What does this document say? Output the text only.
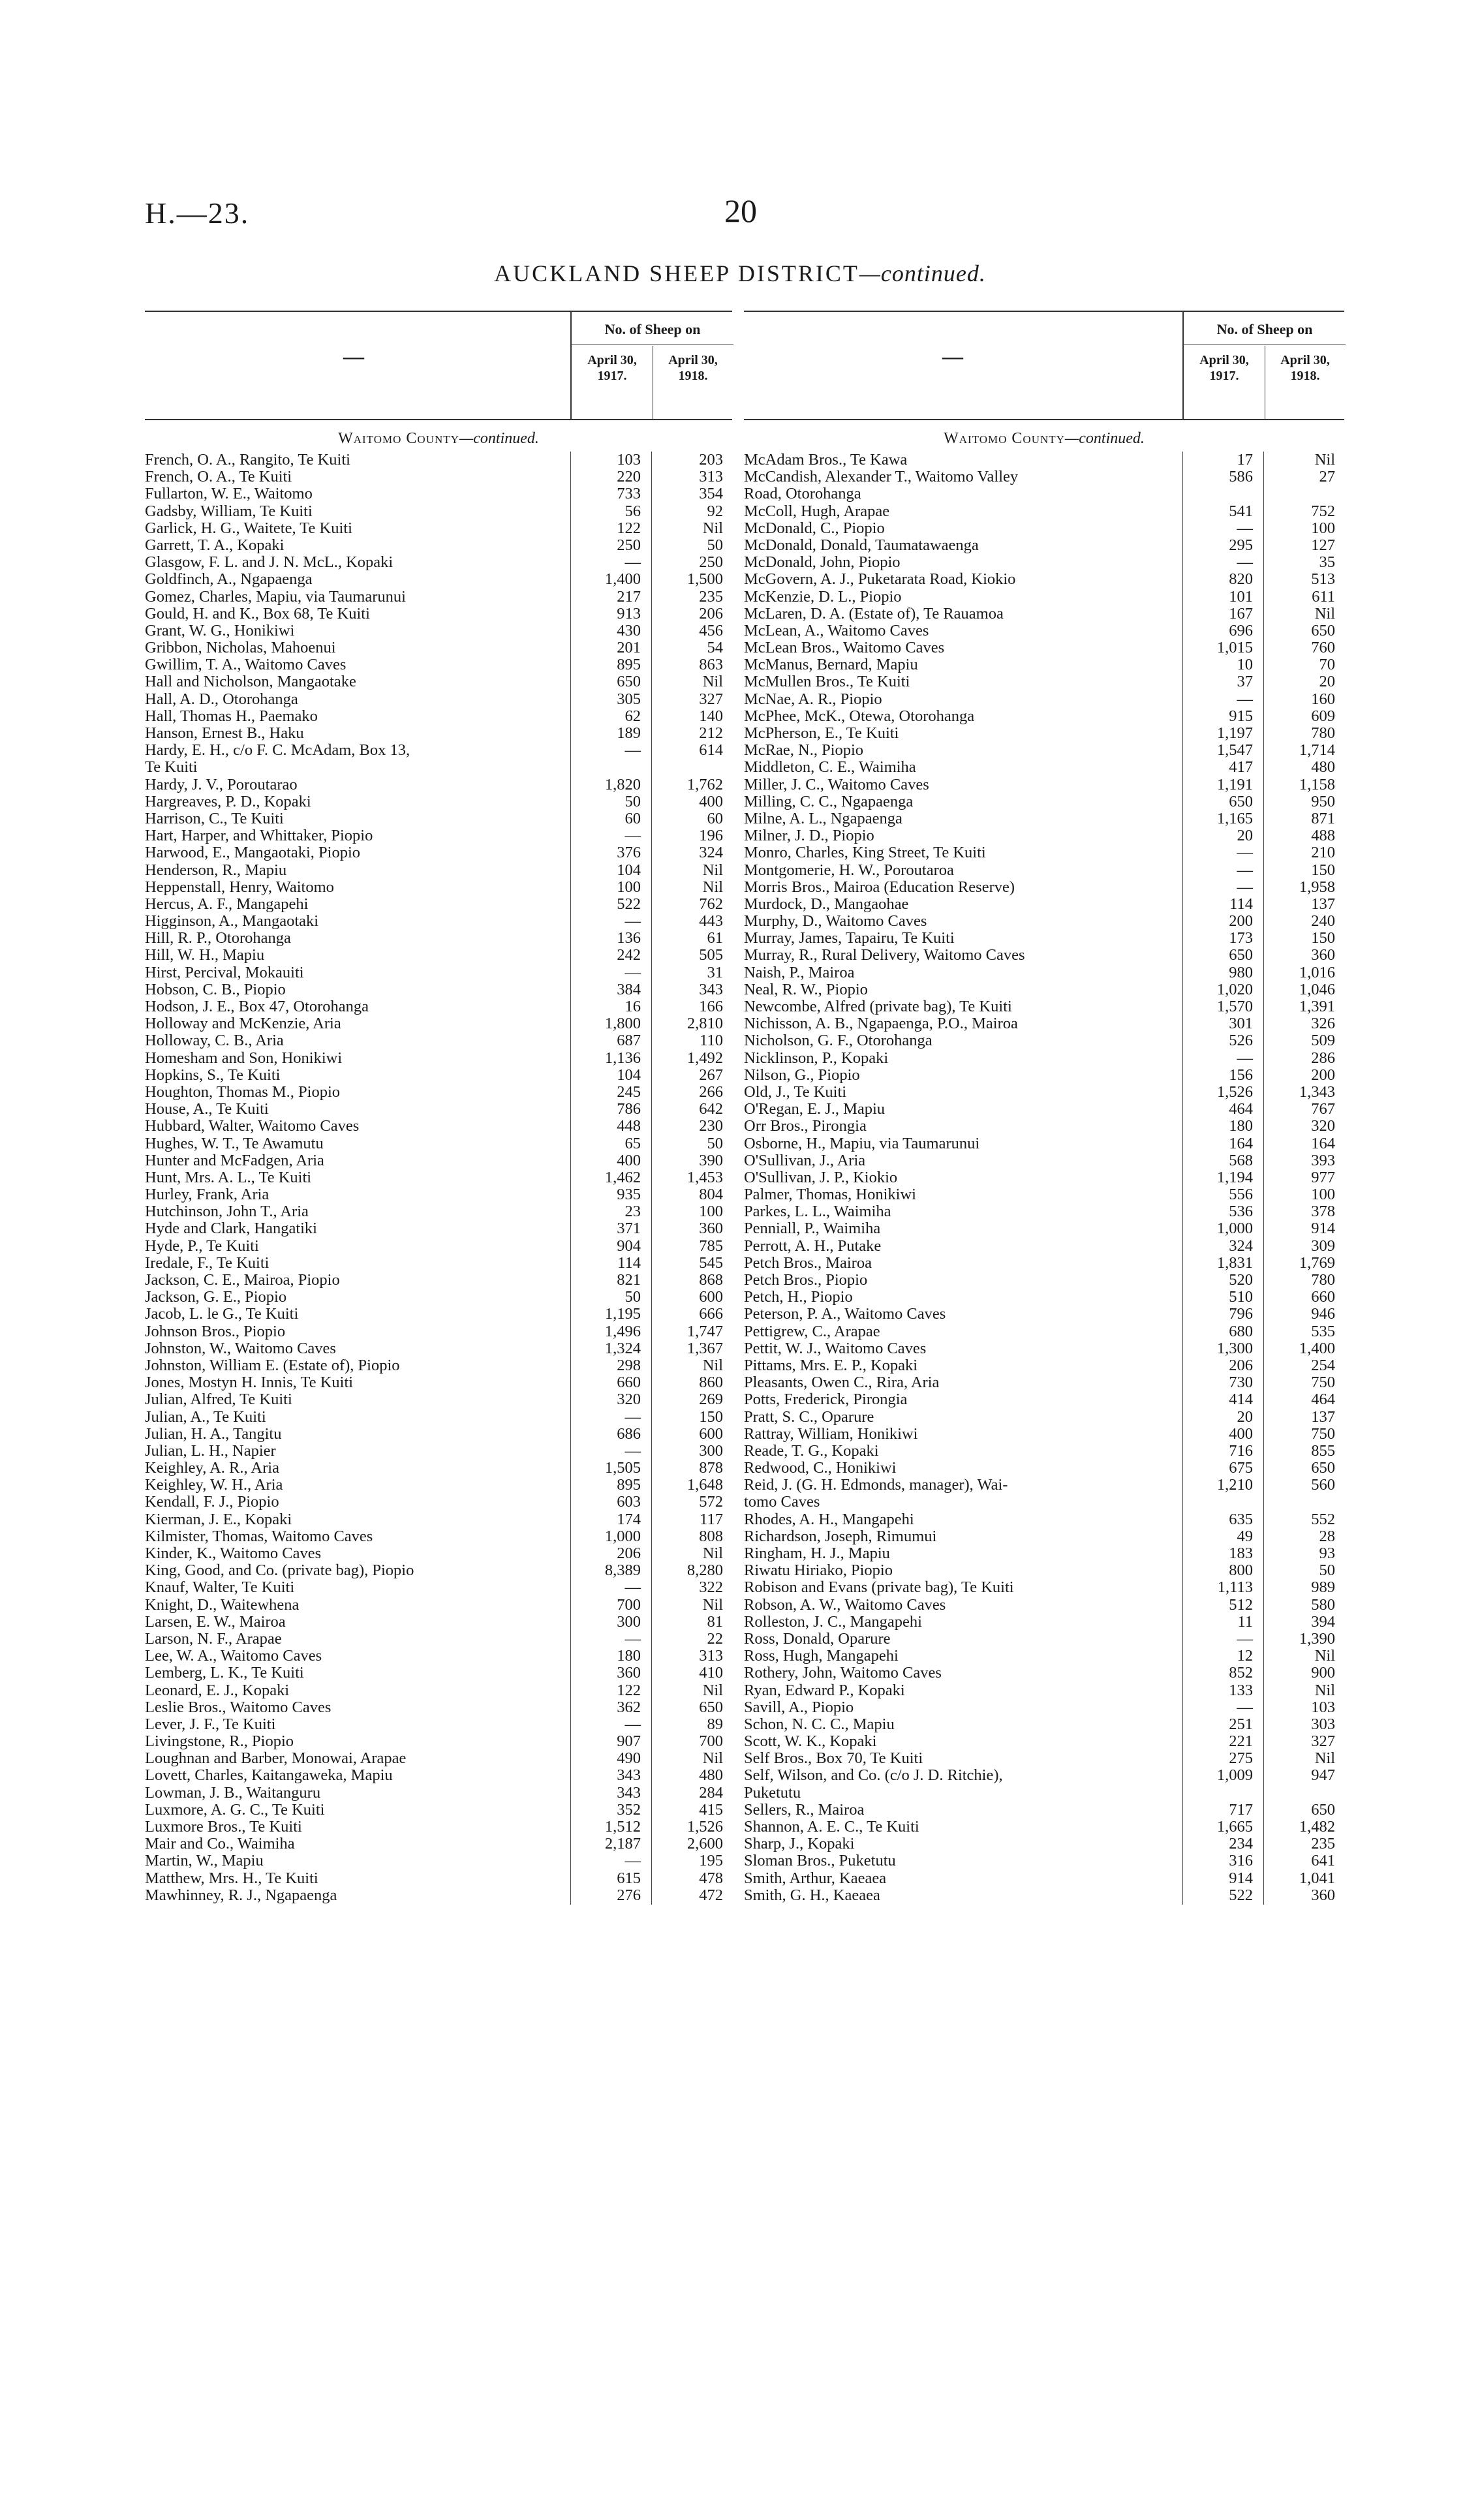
H.—23.	20
AUCKLAND SHEEP DISTRICT—continued.
—
No. of Sheep on
April 30, 1917.
April 30, 1918.
Waitomo County—continued.
French, O. A., Rangito, Te Kuiti	103	203
French, O. A., Te Kuiti	220	313
Fullarton, W. E., Waitomo	733	354
Gadsby, William, Te Kuiti	56	92
Garlick, H. G., Waitete, Te Kuiti	122	Nil
Garrett, T. A., Kopaki	250	50
Glasgow, F. L. and J. N. McL., Kopaki	—	250
Goldfinch, A., Ngapaenga	1,400	1,500
Gomez, Charles, Mapiu, via Taumarunui	217	235
Gould, H. and K., Box 68, Te Kuiti	913	206
Grant, W. G., Honikiwi	430	456
Gribbon, Nicholas, Mahoenui	201	54
Gwillim, T. A., Waitomo Caves	895	863
Hall and Nicholson, Mangaotake	650	Nil
Hall, A. D., Otorohanga	305	327
Hall, Thomas H., Paemako	62	140
Hanson, Ernest B., Haku	189	212
Hardy, E. H., c/o F. C. McAdam, Box 13,	—	614
Te Kuiti
Hardy, J. V., Poroutarao	1,820	1,762
Hargreaves, P. D., Kopaki	50	400
Harrison, C., Te Kuiti	60	60
Hart, Harper, and Whittaker, Piopio	—	196
Harwood, E., Mangaotaki, Piopio	376	324
Henderson, R., Mapiu	104	Nil
Heppenstall, Henry, Waitomo	100	Nil
Hercus, A. F., Mangapehi	522	762
Higginson, A., Mangaotaki	—	443
Hill, R. P., Otorohanga	136	61
Hill, W. H., Mapiu	242	505
Hirst, Percival, Mokauiti	—	31
Hobson, C. B., Piopio	384	343
Hodson, J. E., Box 47, Otorohanga	16	166
Holloway and McKenzie, Aria	1,800	2,810
Holloway, C. B., Aria	687	110
Homesham and Son, Honikiwi	1,136	1,492
Hopkins, S., Te Kuiti	104	267
Houghton, Thomas M., Piopio	245	266
House, A., Te Kuiti	786	642
Hubbard, Walter, Waitomo Caves	448	230
Hughes, W. T., Te Awamutu	65	50
Hunter and McFadgen, Aria	400	390
Hunt, Mrs. A. L., Te Kuiti	1,462	1,453
Hurley, Frank, Aria	935	804
Hutchinson, John T., Aria	23	100
Hyde and Clark, Hangatiki	371	360
Hyde, P., Te Kuiti	904	785
Iredale, F., Te Kuiti	114	545
Jackson, C. E., Mairoa, Piopio	821	868
Jackson, G. E., Piopio	50	600
Jacob, L. le G., Te Kuiti	1,195	666
Johnson Bros., Piopio	1,496	1,747
Johnston, W., Waitomo Caves	1,324	1,367
Johnston, William E. (Estate of), Piopio	298	Nil
Jones, Mostyn H. Innis, Te Kuiti	660	860
Julian, Alfred, Te Kuiti	320	269
Julian, A., Te Kuiti	—	150
Julian, H. A., Tangitu	686	600
Julian, L. H., Napier	—	300
Keighley, A. R., Aria	1,505	878
Keighley, W. H., Aria	895	1,648
Kendall, F. J., Piopio	603	572
Kierman, J. E., Kopaki	174	117
Kilmister, Thomas, Waitomo Caves	1,000	808
Kinder, K., Waitomo Caves	206	Nil
King, Good, and Co. (private bag), Piopio	8,389	8,280
Knauf, Walter, Te Kuiti	—	322
Knight, D., Waitewhena	700	Nil
Larsen, E. W., Mairoa	300	81
Larson, N. F., Arapae	—	22
Lee, W. A., Waitomo Caves	180	313
Lemberg, L. K., Te Kuiti	360	410
Leonard, E. J., Kopaki	122	Nil
Leslie Bros., Waitomo Caves	362	650
Lever, J. F., Te Kuiti	—	89
Livingstone, R., Piopio	907	700
Loughnan and Barber, Monowai, Arapae	490	Nil
Lovett, Charles, Kaitangaweka, Mapiu	343	480
Lowman, J. B., Waitanguru	343	284
Luxmore, A. G. C., Te Kuiti	352	415
Luxmore Bros., Te Kuiti	1,512	1,526
Mair and Co., Waimiha	2,187	2,600
Martin, W., Mapiu	—	195
Matthew, Mrs. H., Te Kuiti	615	478
Mawhinney, R. J., Ngapaenga	276	472
—
No. of Sheep on
April 30, 1917.
April 30, 1918.
Waitomo County—continued.
McAdam Bros., Te Kawa	17	Nil
McCandish, Alexander T., Waitomo Valley	586	27
Road, Otorohanga
McColl, Hugh, Arapae	541	752
McDonald, C., Piopio	—	100
McDonald, Donald, Taumatawaenga	295	127
McDonald, John, Piopio	—	35
McGovern, A. J., Puketarata Road, Kiokio	820	513
McKenzie, D. L., Piopio	101	611
McLaren, D. A. (Estate of), Te Rauamoa	167	Nil
McLean, A., Waitomo Caves	696	650
McLean Bros., Waitomo Caves	1,015	760
McManus, Bernard, Mapiu	10	70
McMullen Bros., Te Kuiti	37	20
McNae, A. R., Piopio	—	160
McPhee, McK., Otewa, Otorohanga	915	609
McPherson, E., Te Kuiti	1,197	780
McRae, N., Piopio	1,547	1,714
Middleton, C. E., Waimiha	417	480
Miller, J. C., Waitomo Caves	1,191	1,158
Milling, C. C., Ngapaenga	650	950
Milne, A. L., Ngapaenga	1,165	871
Milner, J. D., Piopio	20	488
Monro, Charles, King Street, Te Kuiti	—	210
Montgomerie, H. W., Poroutaroa	—	150
Morris Bros., Mairoa (Education Reserve)	—	1,958
Murdock, D., Mangaohae	114	137
Murphy, D., Waitomo Caves	200	240
Murray, James, Tapairu, Te Kuiti	173	150
Murray, R., Rural Delivery, Waitomo Caves	650	360
Naish, P., Mairoa	980	1,016
Neal, R. W., Piopio	1,020	1,046
Newcombe, Alfred (private bag), Te Kuiti	1,570	1,391
Nichisson, A. B., Ngapaenga, P.O., Mairoa	301	326
Nicholson, G. F., Otorohanga	526	509
Nicklinson, P., Kopaki	—	286
Nilson, G., Piopio	156	200
Old, J., Te Kuiti	1,526	1,343
O'Regan, E. J., Mapiu	464	767
Orr Bros., Pirongia	180	320
Osborne, H., Mapiu, via Taumarunui	164	164
O'Sullivan, J., Aria	568	393
O'Sullivan, J. P., Kiokio	1,194	977
Palmer, Thomas, Honikiwi	556	100
Parkes, L. L., Waimiha	536	378
Penniall, P., Waimiha	1,000	914
Perrott, A. H., Putake	324	309
Petch Bros., Mairoa	1,831	1,769
Petch Bros., Piopio	520	780
Petch, H., Piopio	510	660
Peterson, P. A., Waitomo Caves	796	946
Pettigrew, C., Arapae	680	535
Pettit, W. J., Waitomo Caves	1,300	1,400
Pittams, Mrs. E. P., Kopaki	206	254
Pleasants, Owen C., Rira, Aria	730	750
Potts, Frederick, Pirongia	414	464
Pratt, S. C., Oparure	20	137
Rattray, William, Honikiwi	400	750
Reade, T. G., Kopaki	716	855
Redwood, C., Honikiwi	675	650
Reid, J. (G. H. Edmonds, manager), Wai-	1,210	560
tomo Caves
Rhodes, A. H., Mangapehi	635	552
Richardson, Joseph, Rimumui	49	28
Ringham, H. J., Mapiu	183	93
Riwatu Hiriako, Piopio	800	50
Robison and Evans (private bag), Te Kuiti	1,113	989
Robson, A. W., Waitomo Caves	512	580
Rolleston, J. C., Mangapehi	11	394
Ross, Donald, Oparure	—	1,390
Ross, Hugh, Mangapehi	12	Nil
Rothery, John, Waitomo Caves	852	900
Ryan, Edward P., Kopaki	133	Nil
Savill, A., Piopio	—	103
Schon, N. C. C., Mapiu	251	303
Scott, W. K., Kopaki	221	327
Self Bros., Box 70, Te Kuiti	275	Nil
Self, Wilson, and Co. (c/o J. D. Ritchie),	1,009	947
Puketutu
Sellers, R., Mairoa	717	650
Shannon, A. E. C., Te Kuiti	1,665	1,482
Sharp, J., Kopaki	234	235
Sloman Bros., Puketutu	316	641
Smith, Arthur, Kaeaea	914	1,041
Smith, G. H., Kaeaea	522	360
